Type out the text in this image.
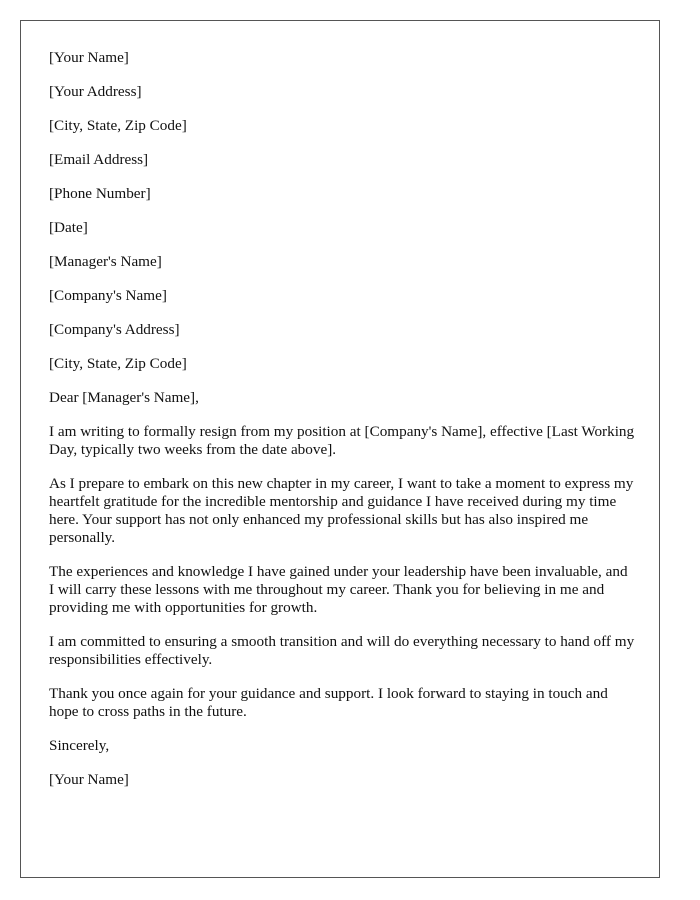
[Your Name]
[Your Address]
[City, State, Zip Code]
[Email Address]
[Phone Number]
[Date]
[Manager's Name]
[Company's Name]
[Company's Address]
[City, State, Zip Code]
Dear [Manager's Name],

I am writing to formally resign from my position at [Company's Name], effective [Last Working Day, typically two weeks from the date above].

As I prepare to embark on this new chapter in my career, I want to take a moment to express my heartfelt gratitude for the incredible mentorship and guidance I have received during my time here. Your support has not only enhanced my professional skills but has also inspired me personally.

The experiences and knowledge I have gained under your leadership have been invaluable, and I will carry these lessons with me throughout my career. Thank you for believing in me and providing me with opportunities for growth.

I am committed to ensuring a smooth transition and will do everything necessary to hand off my responsibilities effectively.

Thank you once again for your guidance and support. I look forward to staying in touch and hope to cross paths in the future.

Sincerely,
[Your Name]
